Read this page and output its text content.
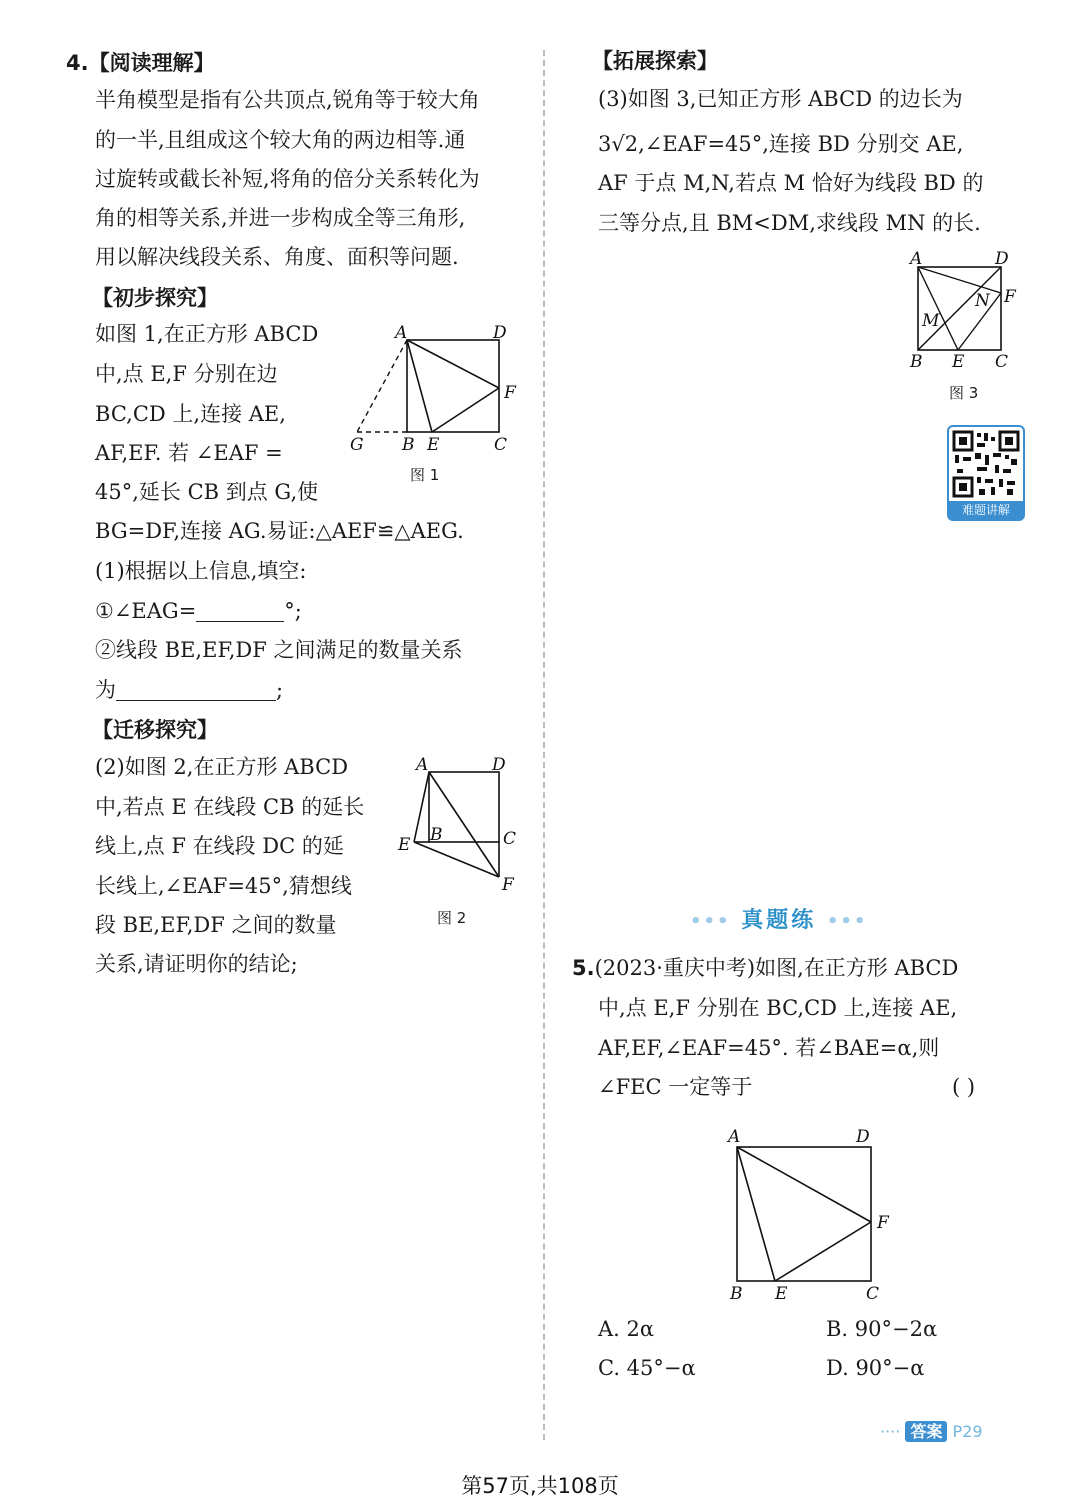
4.【阅读理解】
半角模型是指有公共顶点,锐角等于较大角
的一半,且组成这个较大角的两边相等.通
过旋转或截长补短,将角的倍分关系转化为
角的相等关系,并进一步构成全等三角形,
用以解决线段关系、角度、面积等问题.
【初步探究】
如图 1,在正方形 ABCD
中,点 E,F 分别在边
BC,CD 上,连接 AE,
AF,EF. 若 ∠EAF =
45°,延长 CB 到点 G,使
BG=DF,连接 AG.易证:△AEF≌△AEG.
(1)根据以上信息,填空:
①∠EAG=	°;
②线段 BE,EF,DF 之间满足的数量关系
为	;
【迁移探究】
(2)如图 2,在正方形 ABCD
中,若点 E 在线段 CB 的延长
线上,点 F 在线段 DC 的延
长线上,∠EAF=45°,猜想线
段 BE,EF,DF 之间的数量
关系,请证明你的结论;
A	D
F
G B E	C
图 1
A	D
E B	C
F
图 2
【拓展探索】
(3)如图 3,已知正方形 ABCD 的边长为
3√2,∠EAF=45°,连接 BD 分别交 AE,
AF 于点 M,N,若点 M 恰好为线段 BD 的
三等分点,且 BM<DM,求线段 MN 的长.
A	D
N F
M
B E C
图 3
难题讲解
••• 真题练 •••
5.(2023·重庆中考)如图,在正方形 ABCD
中,点 E,F 分别在 BC,CD 上,连接 AE,
AF,EF,∠EAF=45°. 若∠BAE=α,则
∠FEC 一定等于	( )
A	D
F
B E	C
A. 2α	B. 90°−2α
C. 45°−α	D. 90°−α
···· 答案 P29
第57页,共108页
